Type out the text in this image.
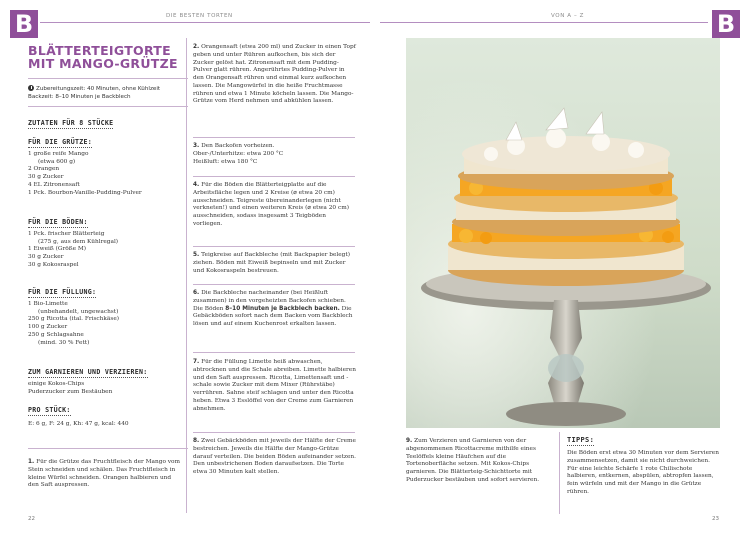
B	B
DIE BESTEN TORTEN	VON A – Z
BLÄTTERTEIGTORTE
MIT MANGO-GRÜTZE
Zubereitungszeit: 40 Minuten, ohne Kühlzeit
Backzeit: 8–10 Minuten je Backblech
ZUTATEN FÜR 8 STÜCKE
FÜR DIE GRÜTZE:
1 große reife Mango
(etwa 600 g)
2 Orangen
30 g Zucker
4 EL Zitronensaft
1 Pck. Bourbon-Vanille-Pudding-Pulver
FÜR DIE BÖDEN:
1 Pck. frischer Blätterteig
(275 g, aus dem Kühlregal)
1 Eiweiß (Größe M)
30 g Zucker
30 g Kokosraspel
FÜR DIE FÜLLUNG:
1 Bio-Limette
(unbehandelt, ungewachst)
250 g Ricotta (ital. Frischkäse)
100 g Zucker
250 g Schlagsahne
(mind. 30 % Fett)
ZUM GARNIEREN UND VERZIEREN:
einige Kokos-Chips
Puderzucker zum Bestäuben
PRO STÜCK:
E: 6 g, F: 24 g, Kh: 47 g, kcal: 440
1. Für die Grütze das Fruchtfleisch der Mango vom Stein schneiden und schälen. Das Fruchtfleisch in kleine Würfel schneiden. Orangen halbieren und den Saft auspressen.
2. Orangensaft (etwa 200 ml) und Zucker in einen Topf geben und unter Rühren aufkochen, bis sich der Zucker gelöst hat. Zitronensaft mit dem Pudding-Pulver glatt rühren. Angerührtes Pudding-Pulver in den Orangensaft rühren und einmal kurz aufkochen lassen. Die Mangowürfel in die heiße Fruchtmasse rühren und etwa 1 Minute köcheln lassen. Die Mango-Grütze vom Herd nehmen und abkühlen lassen.
3. Den Backofen vorheizen.
Ober-/Unterhitze: etwa 200 °C
Heißluft: etwa 180 °C
4. Für die Böden die Blätterteigplatte auf die Arbeitsfläche legen und 2 Kreise (⌀ etwa 20 cm) ausschneiden. Teigreste übereinanderlegen (nicht verkneten!) und einen weiteren Kreis (⌀ etwa 20 cm) ausschneiden, sodass insgesamt 3 Teigböden vorliegen.
5. Teigkreise auf Backbleche (mit Backpapier belegt) ziehen. Böden mit Eiweiß bepinseln und mit Zucker und Kokosraspeln bestreuen.
6. Die Backbleche nacheinander (bei Heißluft zusammen) in den vorgeheizten Backofen schieben. Die Böden 8–10 Minuten je Backblech backen. Die Gebäckböden sofort nach dem Backen vom Backblech lösen und auf einem Kuchenrost erkalten lassen.
7. Für die Füllung Limette heiß abwaschen, abtrocknen und die Schale abreiben. Limette halbieren und den Saft auspressen. Ricotta, Limettensaft und -schale sowie Zucker mit dem Mixer (Rührstäbe) verrühren. Sahne steif schlagen und unter den Ricotta heben. Etwa 3 Esslöffel von der Creme zum Garnieren abnehmen.
8. Zwei Gebäckböden mit jeweils der Hälfte der Creme bestreichen. Jeweils die Hälfte der Mango-Grütze darauf verteilen. Die beiden Böden aufeinander setzen. Den unbestrichenen Boden daraufsetzen. Die Torte etwa 30 Minuten kalt stellen.
9. Zum Verzieren und Garnieren von der abgenommenen Ricottacreme mithilfe eines Teelöffels kleine Häufchen auf die Tortenoberfläche setzen. Mit Kokos-Chips garnieren. Die Blätterteig-Schichttorte mit Puderzucker bestäuben und sofort servieren.
TIPPS:
Die Böden erst etwa 30 Minuten vor dem Servieren zusammensetzen, damit sie nicht durchweichen.
Für eine leichte Schärfe 1 rote Chilischote halbieren, entkernen, abspülen, abtropfen lassen, fein würfeln und mit der Mango in die Grütze rühren.
22	23
